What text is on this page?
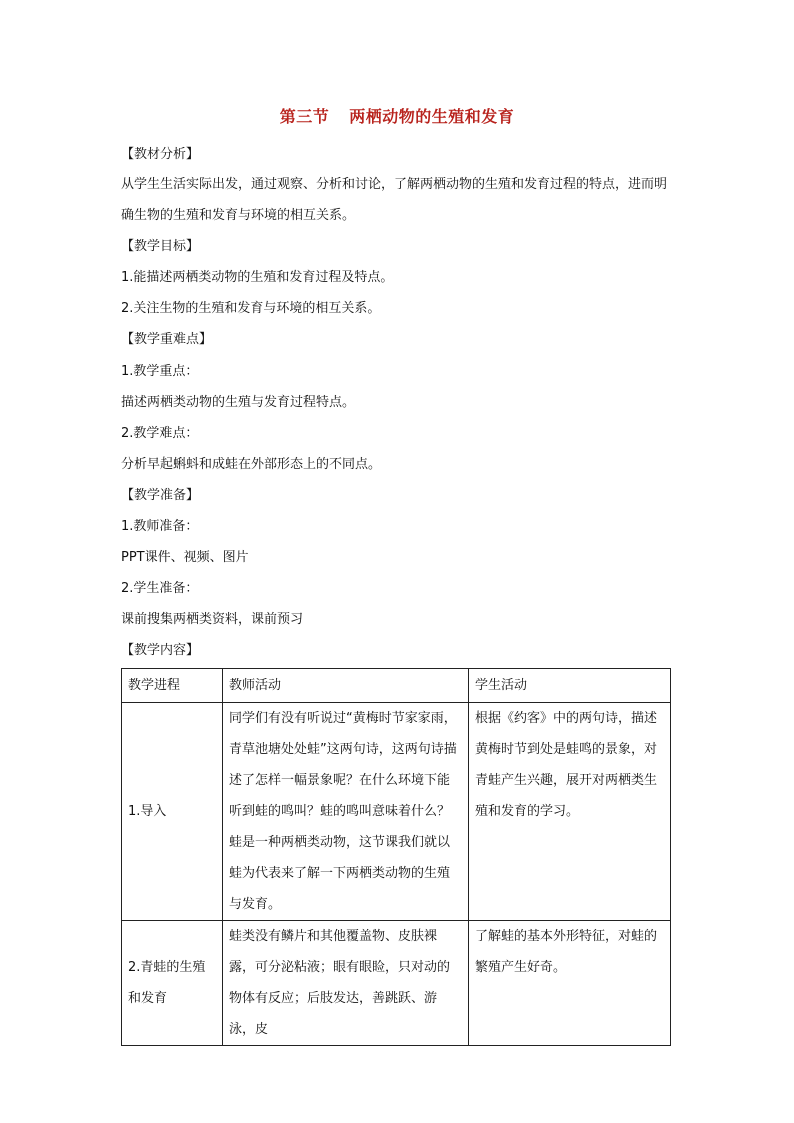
第三节 两栖动物的生殖和发育
【教材分析】
从学生生活实际出发，通过观察、分析和讨论，了解两栖动物的生殖和发育过程的特点，进而明确生物的生殖和发育与环境的相互关系。
【教学目标】
1.能描述两栖类动物的生殖和发育过程及特点。
2.关注生物的生殖和发育与环境的相互关系。
【教学重难点】
1.教学重点：
描述两栖类动物的生殖与发育过程特点。
2.教学难点：
分析早起蝌蚪和成蛙在外部形态上的不同点。
【教学准备】
1.教师准备：
PPT课件、视频、图片
2.学生准备：
课前搜集两栖类资料，课前预习
【教学内容】
教学进程	教师活动	学生活动
1.导入	同学们有没有听说过“黄梅时节家家雨，青草池塘处处蛙”这两句诗，这两句诗描述了怎样一幅景象呢？在什么环境下能听到蛙的鸣叫？蛙的鸣叫意味着什么？蛙是一种两栖类动物，这节课我们就以蛙为代表来了解一下两栖类动物的生殖与发育。	根据《约客》中的两句诗，描述黄梅时节到处是蛙鸣的景象，对青蛙产生兴趣，展开对两栖类生殖和发育的学习。
2.青蛙的生殖和发育	蛙类没有鳞片和其他覆盖物、皮肤裸露，可分泌粘液；眼有眼睑，只对动的物体有反应；后肢发达，善跳跃、游泳，皮	了解蛙的基本外形特征，对蛙的繁殖产生好奇。
